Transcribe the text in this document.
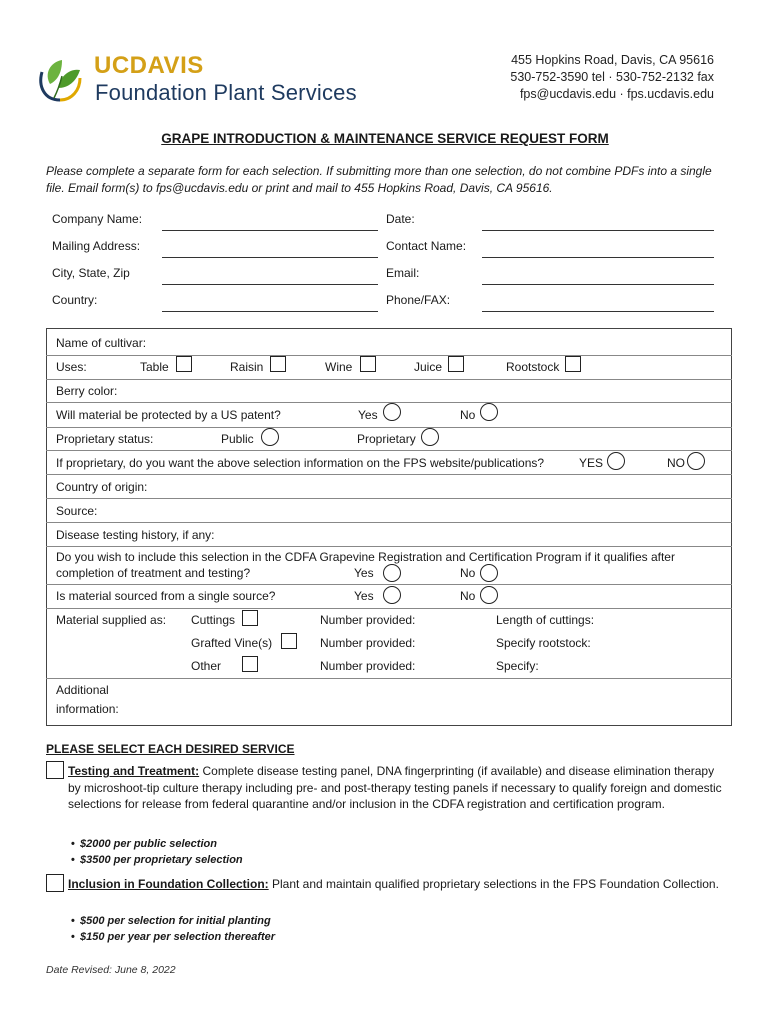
UCDAVIS
Foundation Plant Services
455 Hopkins Road, Davis, CA 95616
530-752-3590 tel · 530-752-2132 fax
fps@ucdavis.edu · fps.ucdavis.edu
GRAPE INTRODUCTION & MAINTENANCE SERVICE REQUEST FORM
Please complete a separate form for each selection. If submitting more than one selection, do not combine PDFs into a single file. Email form(s) to fps@ucdavis.edu or print and mail to 455 Hopkins Road, Davis, CA 95616.
Company Name:	Date:
Mailing Address:	Contact Name:
City, State, Zip	Email:
Country:	Phone/FAX:
Name of cultivar:
Uses:	Table	Raisin	Wine	Juice	Rootstock
Berry color:
Will material be protected by a US patent?	Yes	No
Proprietary status:	Public	Proprietary
If proprietary, do you want the above selection information on the FPS website/publications?	YES	NO
Country of origin:
Source:
Disease testing history, if any:
Do you wish to include this selection in the CDFA Grapevine Registration and Certification Program if it qualifies after
completion of treatment and testing?	Yes	No
Is material sourced from a single source?	Yes	No
Material supplied as: Cuttings	Number provided:	Length of cuttings:
Grafted Vine(s)	Number provided:	Specify rootstock:
Other	Number provided:	Specify:
Additional
information:
PLEASE SELECT EACH DESIRED SERVICE
Testing and Treatment: Complete disease testing panel, DNA fingerprinting (if available) and disease elimination therapy by microshoot-tip culture therapy including pre- and post-therapy testing panels if necessary to qualify foreign and domestic selections for release from federal quarantine and/or inclusion in the CDFA registration and certification program.
• $2000 per public selection
• $3500 per proprietary selection
Inclusion in Foundation Collection: Plant and maintain qualified proprietary selections in the FPS Foundation Collection.
• $500 per selection for initial planting
• $150 per year per selection thereafter
Date Revised: June 8, 2022
